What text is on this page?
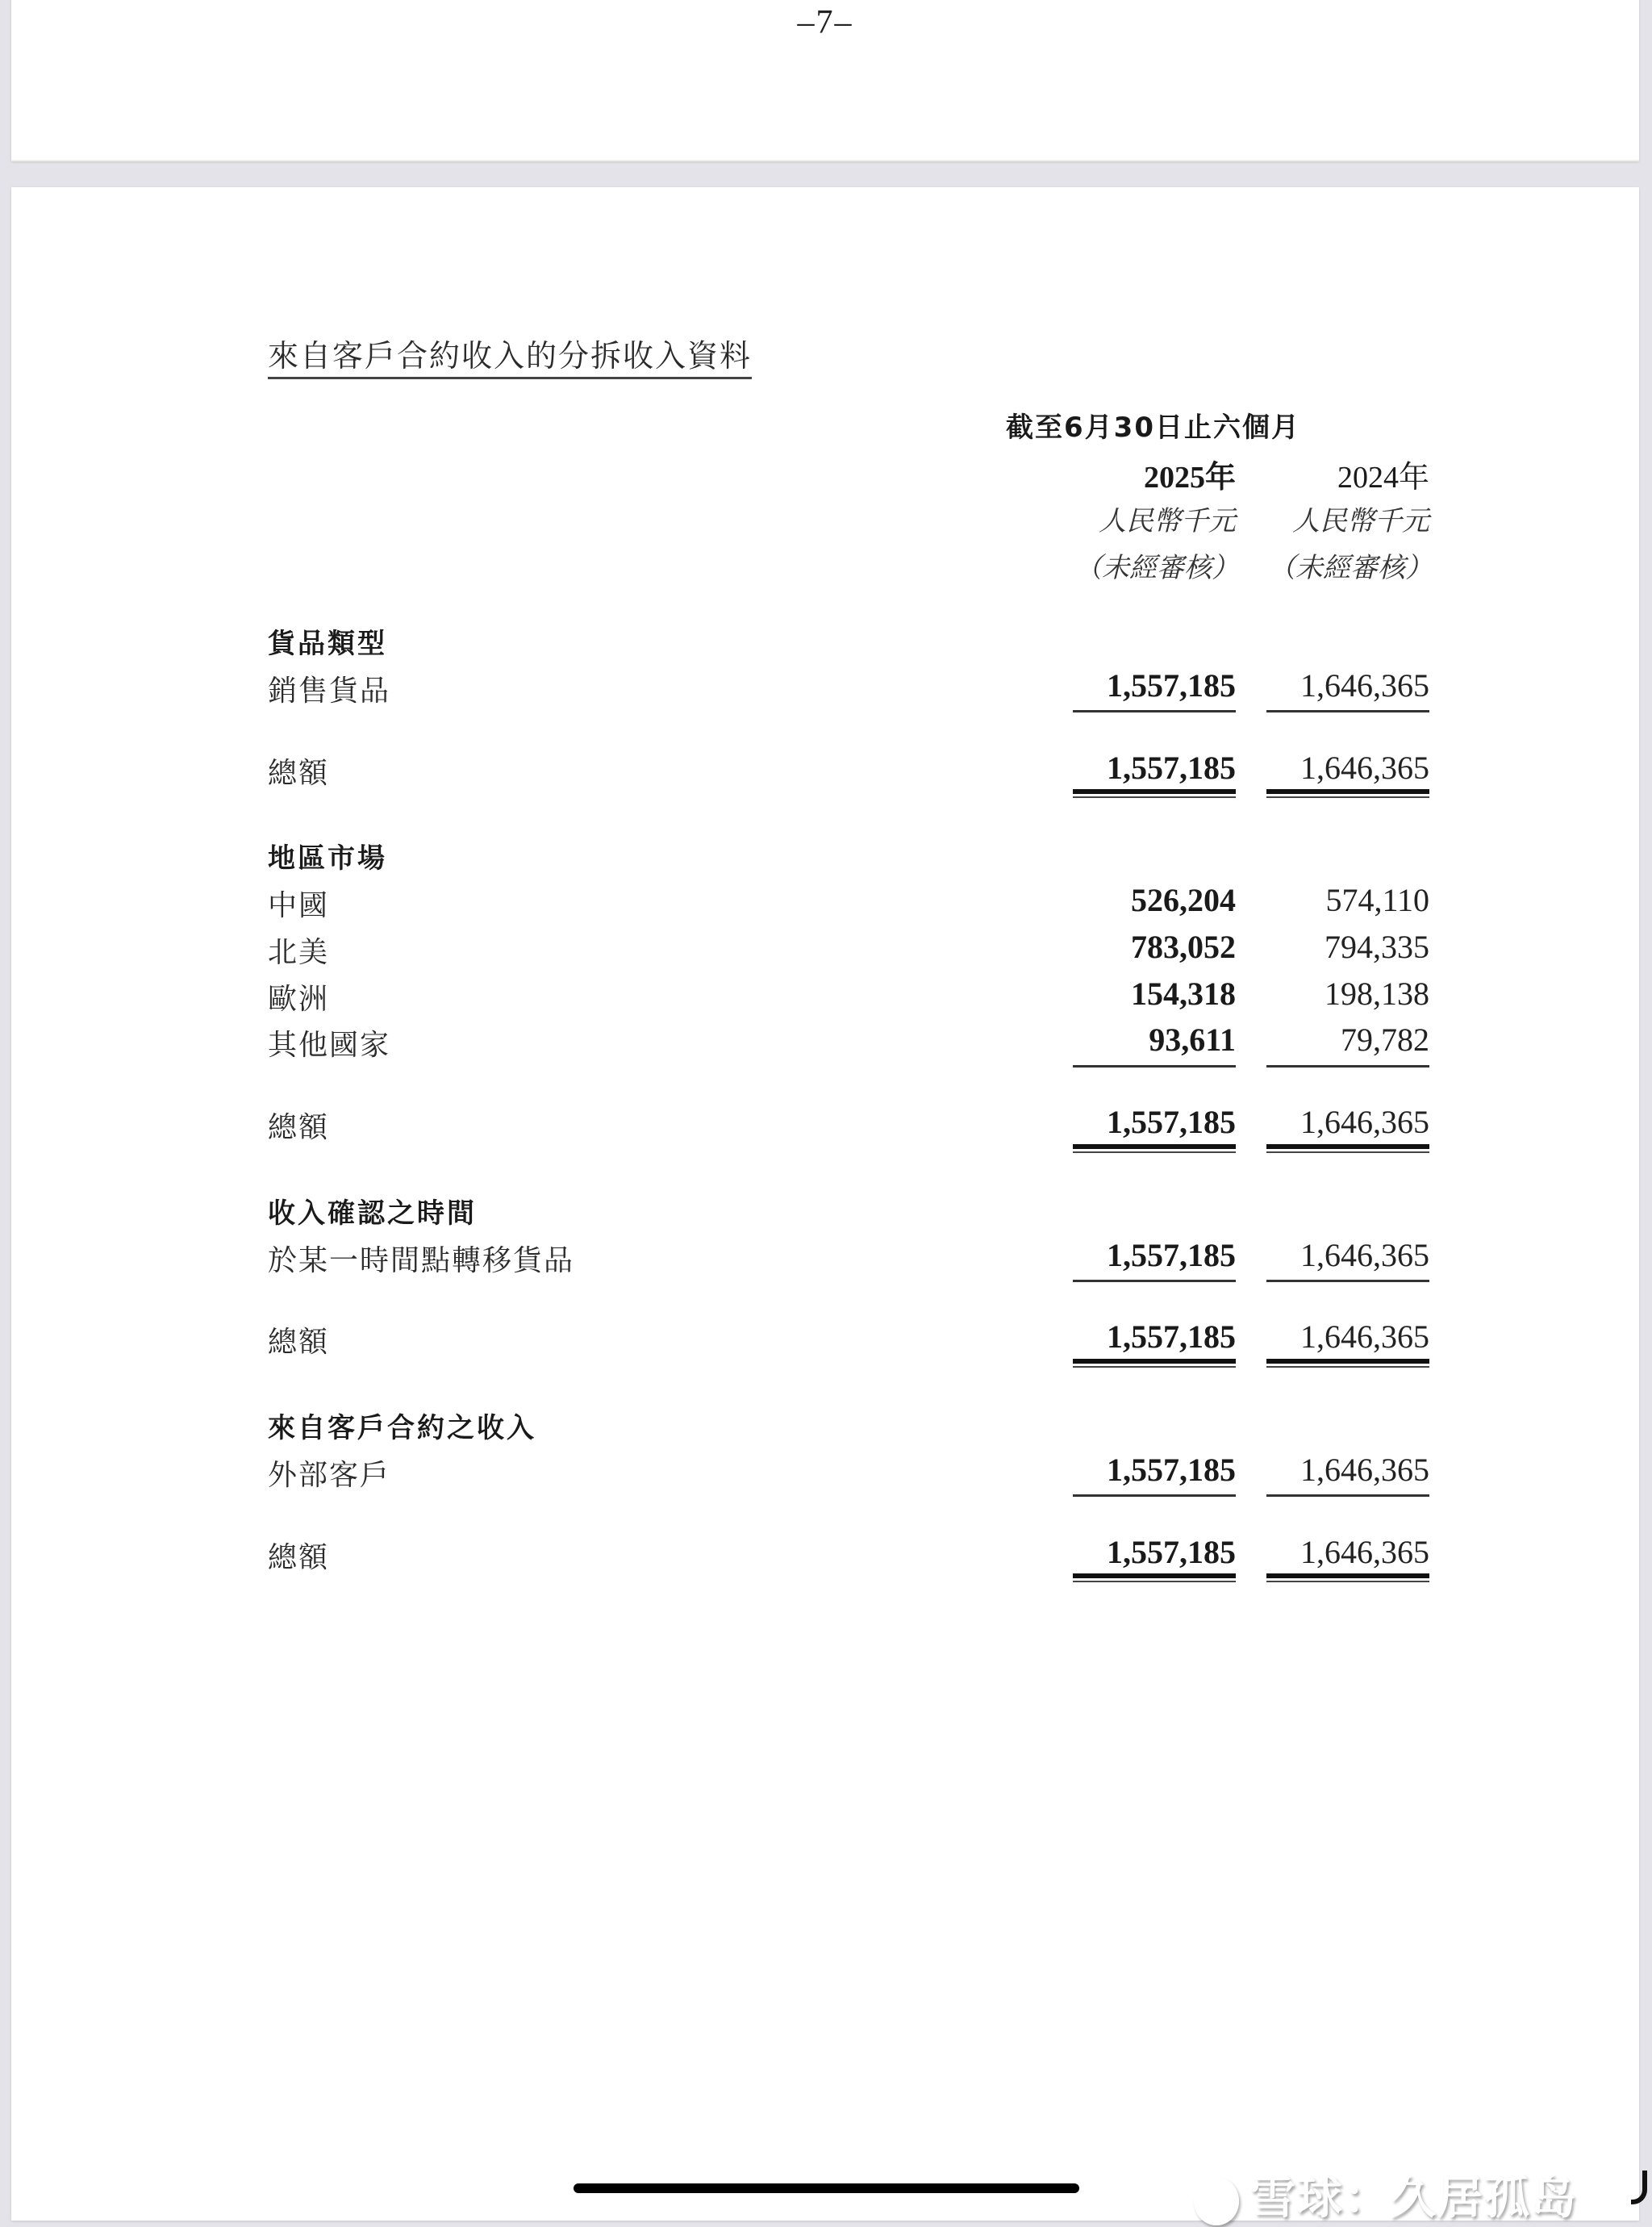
–7–
來自客戶合約收入的分拆收入資料
截至6月30日止六個月
2025年	2024年
人民幣千元	人民幣千元
（未經審核）	（未經審核）
貨品類型
銷售貨品	1,557,185	1,646,365
總額	1,557,185	1,646,365
地區市場
中國	526,204	574,110
北美	783,052	794,335
歐洲	154,318	198,138
其他國家	93,611	79,782
總額	1,557,185	1,646,365
收入確認之時間
於某一時間點轉移貨品	1,557,185	1,646,365
總額	1,557,185	1,646,365
來自客戶合約之收入
外部客戶	1,557,185	1,646,365
總額	1,557,185	1,646,365
雪球：久居孤岛
